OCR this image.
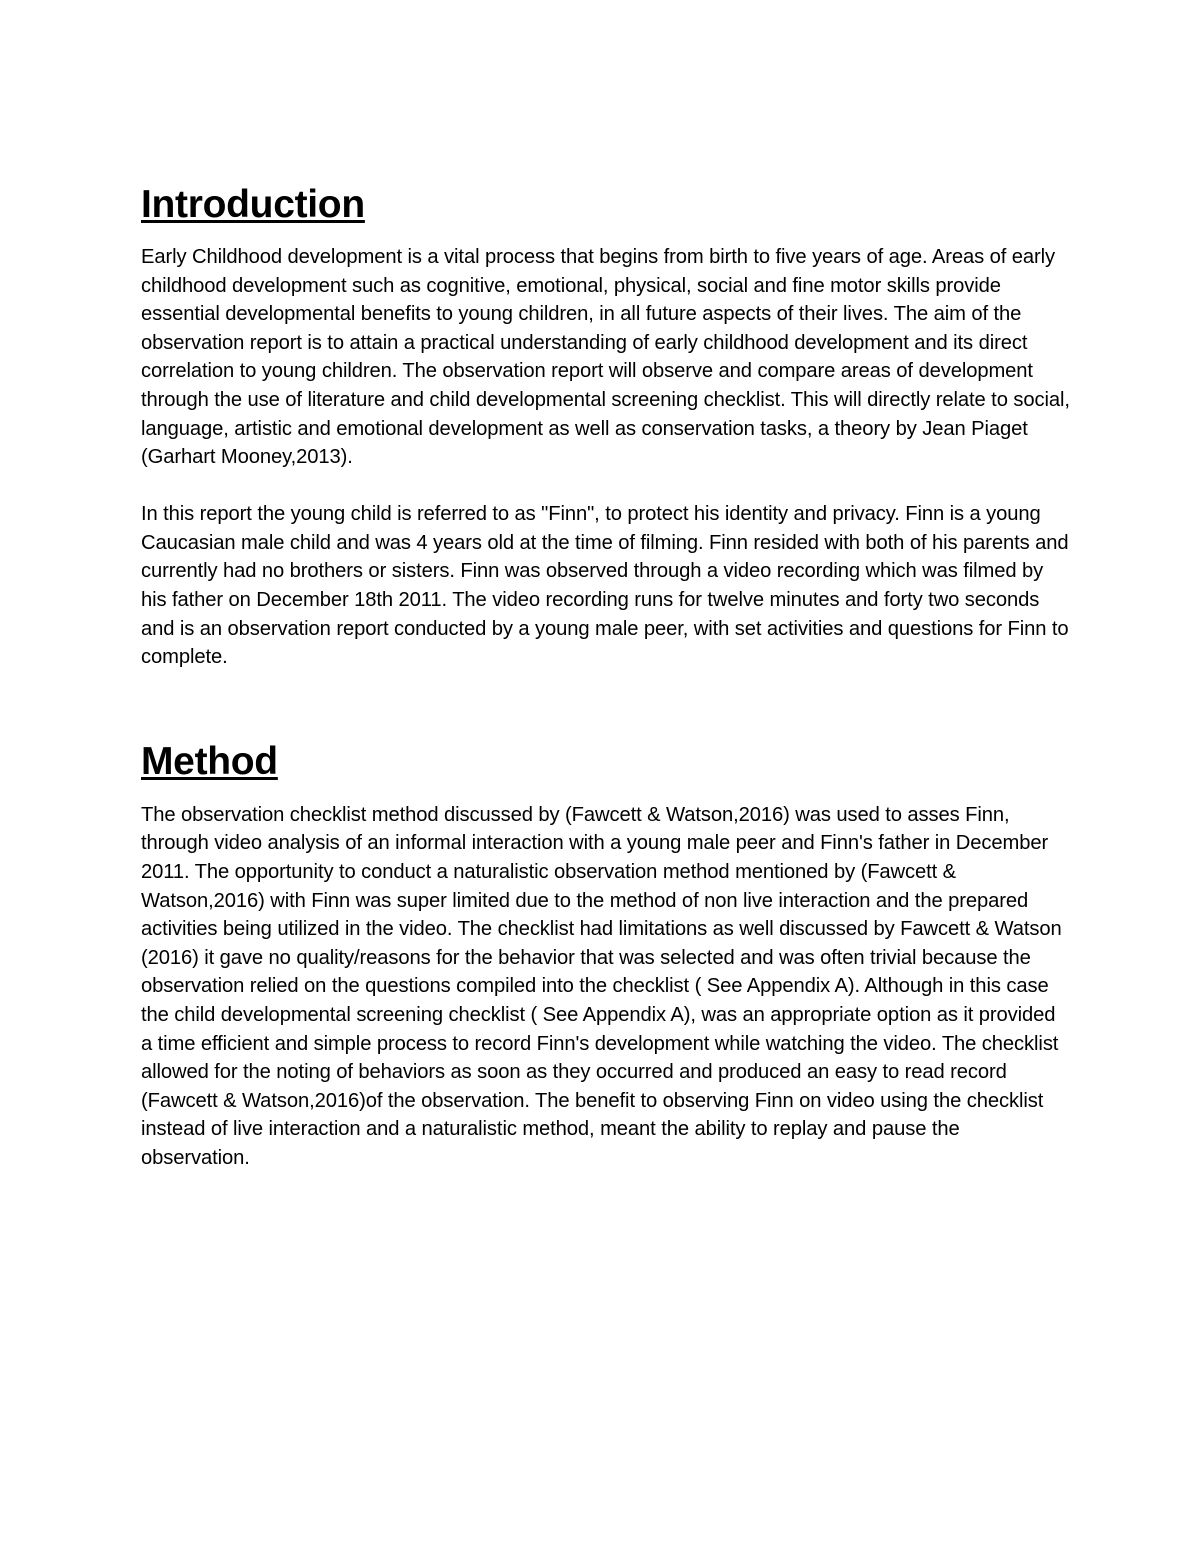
Introduction

Early Childhood development is a vital process that begins from birth to five years of age. Areas of early childhood development such as cognitive, emotional, physical, social and fine motor skills provide essential developmental benefits to young children, in all future aspects of their lives. The aim of the observation report is to attain a practical understanding of early childhood development and its direct correlation to young children. The observation report will observe and compare areas of development through the use of literature and child developmental screening checklist. This will directly relate to social, language, artistic and emotional development as well as conservation tasks, a theory by Jean Piaget (Garhart Mooney,2013).

In this report the young child is referred to as "Finn", to protect his identity and privacy. Finn is a young Caucasian male child and was 4 years old at the time of filming. Finn resided with both of his parents and currently had no brothers or sisters. Finn was observed through a video recording which was filmed by his father on December 18th 2011. The video recording runs for twelve minutes and forty two seconds and is an observation report conducted by a young male peer, with set activities and questions for Finn to complete.

Method

The observation checklist method discussed by (Fawcett & Watson,2016) was used to asses Finn, through video analysis of an informal interaction with a young male peer and Finn's father in December 2011. The opportunity to conduct a naturalistic observation method mentioned by (Fawcett & Watson,2016) with Finn was super limited due to the method of non live interaction and the prepared activities being utilized in the video. The checklist had limitations as well discussed by Fawcett & Watson (2016) it gave no quality/reasons for the behavior that was selected and was often trivial because the observation relied on the questions compiled into the checklist ( See Appendix A). Although in this case the child developmental screening checklist ( See Appendix A), was an appropriate option as it provided a time efficient and simple process to record Finn's development while watching the video. The checklist allowed for the noting of behaviors as soon as they occurred and produced an easy to read record (Fawcett & Watson,2016)of the observation. The benefit to observing Finn on video using the checklist instead of live interaction and a naturalistic method, meant the ability to replay and pause the observation.
